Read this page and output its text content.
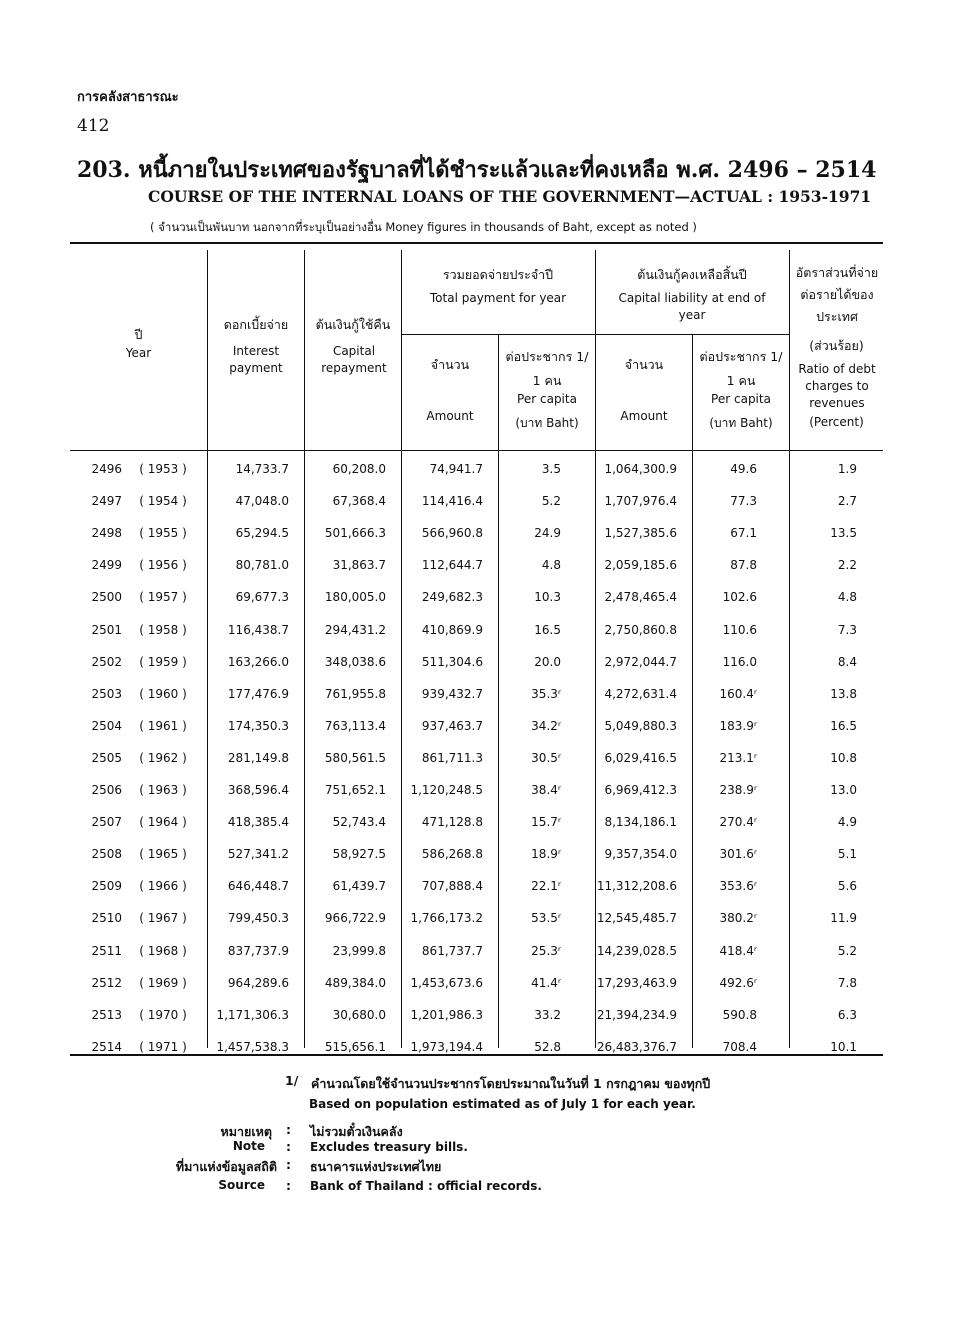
การคลังสาธารณะ
412
203. หนี้ภายในประเทศของรัฐบาลที่ได้ชำระแล้วและที่คงเหลือ พ.ศ. 2496 – 2514
COURSE OF THE INTERNAL LOANS OF THE GOVERNMENT—ACTUAL : 1953-1971
( จำนวนเป็นพันบาท นอกจากที่ระบุเป็นอย่างอื่น Money figures in thousands of Baht, except as noted )
ปี
Year
ดอกเบี้ยจ่าย
Interest payment
ต้นเงินกู้ใช้คืน
Capital repayment
รวมยอดจ่ายประจำปี
Total payment for year
ต้นเงินกู้คงเหลือสิ้นปี
Capital liability at end of year
จำนวน
Amount
ต่อประชากร 1/
1 คน
Per capita
(บาท Baht)
จำนวน
Amount
ต่อประชากร 1/
1 คน
Per capita
(บาท Baht)
อัตราส่วนที่จ่ายต่อรายได้ของประเทศ
(ส่วนร้อย)
Ratio of debt charges to revenues
(Percent)
2496	( 1953 )	14,733.7	60,208.0	74,941.7	3.5	1,064,300.9	49.6	1.9
2497	( 1954 )	47,048.0	67,368.4	114,416.4	5.2	1,707,976.4	77.3	2.7
2498	( 1955 )	65,294.5	501,666.3	566,960.8	24.9	1,527,385.6	67.1	13.5
2499	( 1956 )	80,781.0	31,863.7	112,644.7	4.8	2,059,185.6	87.8	2.2
2500	( 1957 )	69,677.3	180,005.0	249,682.3	10.3	2,478,465.4	102.6	4.8
2501	( 1958 )	116,438.7	294,431.2	410,869.9	16.5	2,750,860.8	110.6	7.3
2502	( 1959 )	163,266.0	348,038.6	511,304.6	20.0	2,972,044.7	116.0	8.4
2503	( 1960 )	177,476.9	761,955.8	939,432.7	35.3ʳ	4,272,631.4	160.4ʳ	13.8
2504	( 1961 )	174,350.3	763,113.4	937,463.7	34.2ʳ	5,049,880.3	183.9ʳ	16.5
2505	( 1962 )	281,149.8	580,561.5	861,711.3	30.5ʳ	6,029,416.5	213.1ʳ	10.8
2506	( 1963 )	368,596.4	751,652.1 1,120,248.5	38.4ʳ	6,969,412.3	238.9ʳ	13.0
2507	( 1964 )	418,385.4	52,743.4	471,128.8	15.7ʳ	8,134,186.1	270.4ʳ	4.9
2508	( 1965 )	527,341.2	58,927.5	586,268.8	18.9ʳ	9,357,354.0	301.6ʳ	5.1
2509	( 1966 )	646,448.7	61,439.7	707,888.4	22.1ʳ	11,312,208.6	353.6ʳ	5.6
2510	( 1967 )	799,450.3	966,722.9 1,766,173.2	53.5ʳ	12,545,485.7	380.2ʳ	11.9
2511	( 1968 )	837,737.9	23,999.8	861,737.7	25.3ʳ	14,239,028.5	418.4ʳ	5.2
2512	( 1969 )	964,289.6	489,384.0 1,453,673.6	41.4ʳ	17,293,463.9	492.6ʳ	7.8
2513	( 1970 )	1,171,306.3	30,680.0 1,201,986.3	33.2	21,394,234.9	590.8	6.3
2514	( 1971 )	1,457,538.3	515,656.1 1,973,194.4	52.8	26,483,376.7	708.4	10.1
1/ คำนวณโดยใช้จำนวนประชากรโดยประมาณในวันที่ 1 กรกฎาคม ของทุกปี
Based on population estimated as of July 1 for each year.
หมายเหตุ : ไม่รวมตั๋วเงินคลัง
Note : Excludes treasury bills.
ที่มาแห่งข้อมูลสถิติ : ธนาคารแห่งประเทศไทย
Source : Bank of Thailand : official records.
